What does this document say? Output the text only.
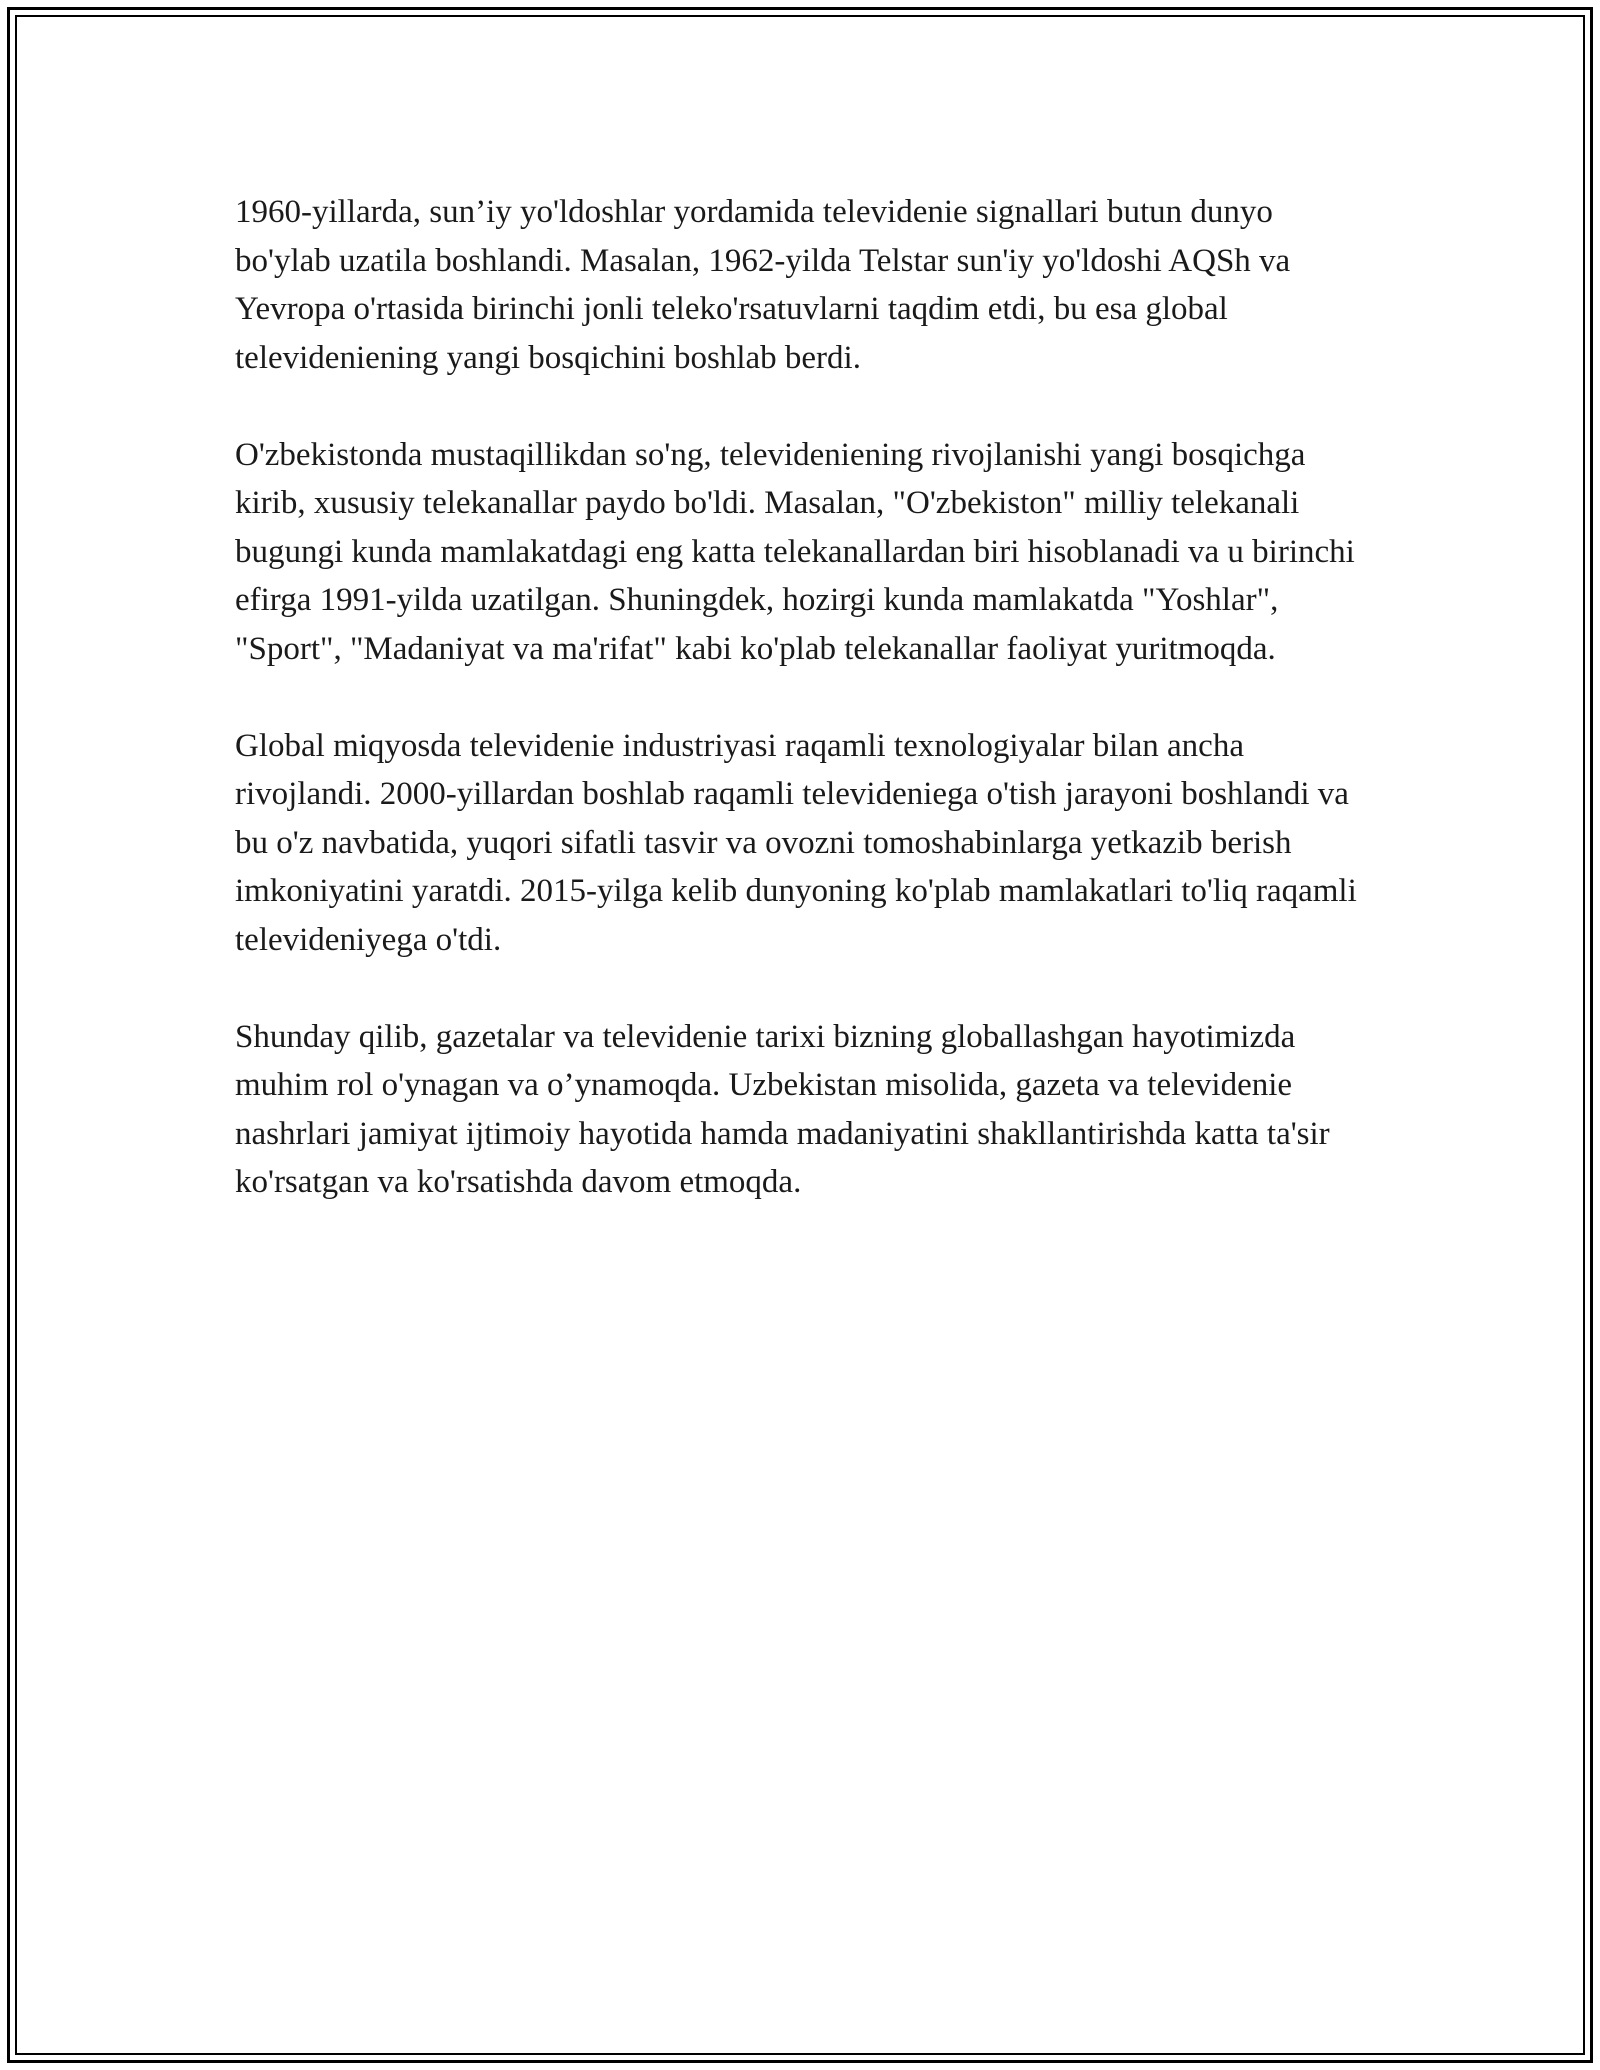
1960-yillarda, sun’iy yo'ldoshlar yordamida televidenie signallari butun dunyo bo'ylab uzatila boshlandi. Masalan, 1962-yilda Telstar sun'iy yo'ldoshi AQSh va Yevropa o'rtasida birinchi jonli teleko'rsatuvlarni taqdim etdi, bu esa global televideniening yangi bosqichini boshlab berdi.

O'zbekistonda mustaqillikdan so'ng, televideniening rivojlanishi yangi bosqichga kirib, xususiy telekanallar paydo bo'ldi. Masalan, "O'zbekiston" milliy telekanali bugungi kunda mamlakatdagi eng katta telekanallardan biri hisoblanadi va u birinchi efirga 1991-yilda uzatilgan. Shuningdek, hozirgi kunda mamlakatda "Yoshlar", "Sport", "Madaniyat va ma'rifat" kabi ko'plab telekanallar faoliyat yuritmoqda.

Global miqyosda televidenie industriyasi raqamli texnologiyalar bilan ancha rivojlandi. 2000-yillardan boshlab raqamli televideniega o'tish jarayoni boshlandi va bu o'z navbatida, yuqori sifatli tasvir va ovozni tomoshabinlarga yetkazib berish imkoniyatini yaratdi. 2015-yilga kelib dunyoning ko'plab mamlakatlari to'liq raqamli televideniyega o'tdi.

Shunday qilib, gazetalar va televidenie tarixi bizning globallashgan hayotimizda muhim rol o'ynagan va o’ynamoqda. Uzbekistan misolida, gazeta va televidenie nashrlari jamiyat ijtimoiy hayotida hamda madaniyatini shakllantirishda katta ta'sir ko'rsatgan va ko'rsatishda davom etmoqda.
